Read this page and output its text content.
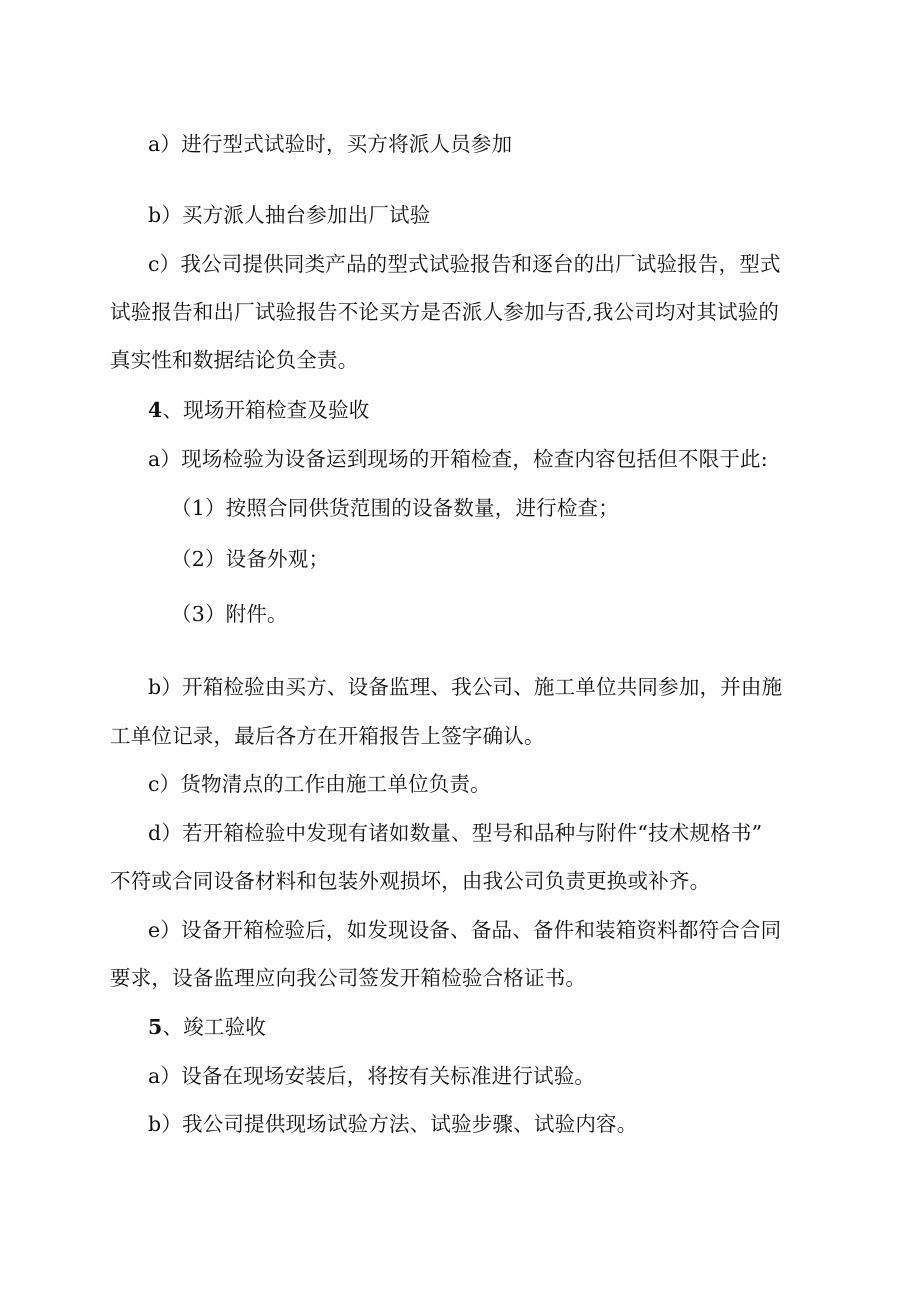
a）进行型式试验时，买方将派人员参加
b）买方派人抽台参加出厂试验
c）我公司提供同类产品的型式试验报告和逐台的出厂试验报告，型式
试验报告和出厂试验报告不论买方是否派人参加与否,我公司均对其试验的
真实性和数据结论负全责。
4、现场开箱检查及验收
a）现场检验为设备运到现场的开箱检查，检查内容包括但不限于此:
（1）按照合同供货范围的设备数量，进行检查；
（2）设备外观；
（3）附件。
b）开箱检验由买方、设备监理、我公司、施工单位共同参加，并由施
工单位记录，最后各方在开箱报告上签字确认。
c）货物清点的工作由施工单位负责。
d）若开箱检验中发现有诸如数量、型号和品种与附件“技术规格书”
不符或合同设备材料和包装外观损坏，由我公司负责更换或补齐。
e）设备开箱检验后，如发现设备、备品、备件和装箱资料都符合合同
要求，设备监理应向我公司签发开箱检验合格证书。
5、竣工验收
a）设备在现场安装后，将按有关标准进行试验。
b）我公司提供现场试验方法、试验步骤、试验内容。
